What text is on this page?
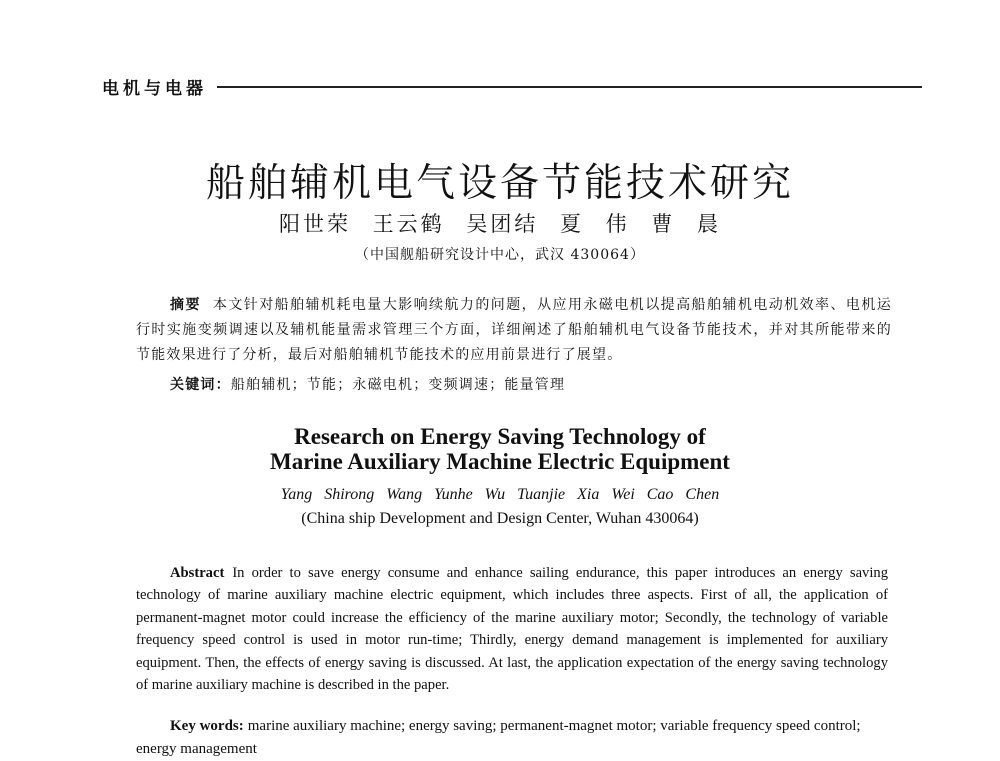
电机与电器
船舶辅机电气设备节能技术研究
阳世荣 王云鹤 吴团结 夏 伟 曹 晨
（中国舰船研究设计中心，武汉 430064）
摘要 本文针对船舶辅机耗电量大影响续航力的问题，从应用永磁电机以提高船舶辅机电动机效率、电机运行时实施变频调速以及辅机能量需求管理三个方面，详细阐述了船舶辅机电气设备节能技术，并对其所能带来的节能效果进行了分析，最后对船舶辅机节能技术的应用前景进行了展望。
关键词：船舶辅机；节能；永磁电机；变频调速；能量管理
Research on Energy Saving Technology of
Marine Auxiliary Machine Electric Equipment
Yang Shirong Wang Yunhe Wu Tuanjie Xia Wei Cao Chen
(China ship Development and Design Center, Wuhan 430064)
Abstract In order to save energy consume and enhance sailing endurance, this paper introduces an energy saving technology of marine auxiliary machine electric equipment, which includes three aspects. First of all, the application of permanent-magnet motor could increase the efficiency of the marine auxiliary motor; Secondly, the technology of variable frequency speed control is used in motor run-time; Thirdly, energy demand management is implemented for auxiliary equipment. Then, the effects of energy saving is discussed. At last, the application expectation of the energy saving technology of marine auxiliary machine is described in the paper.
Key words: marine auxiliary machine; energy saving; permanent-magnet motor; variable frequency speed control; energy management
